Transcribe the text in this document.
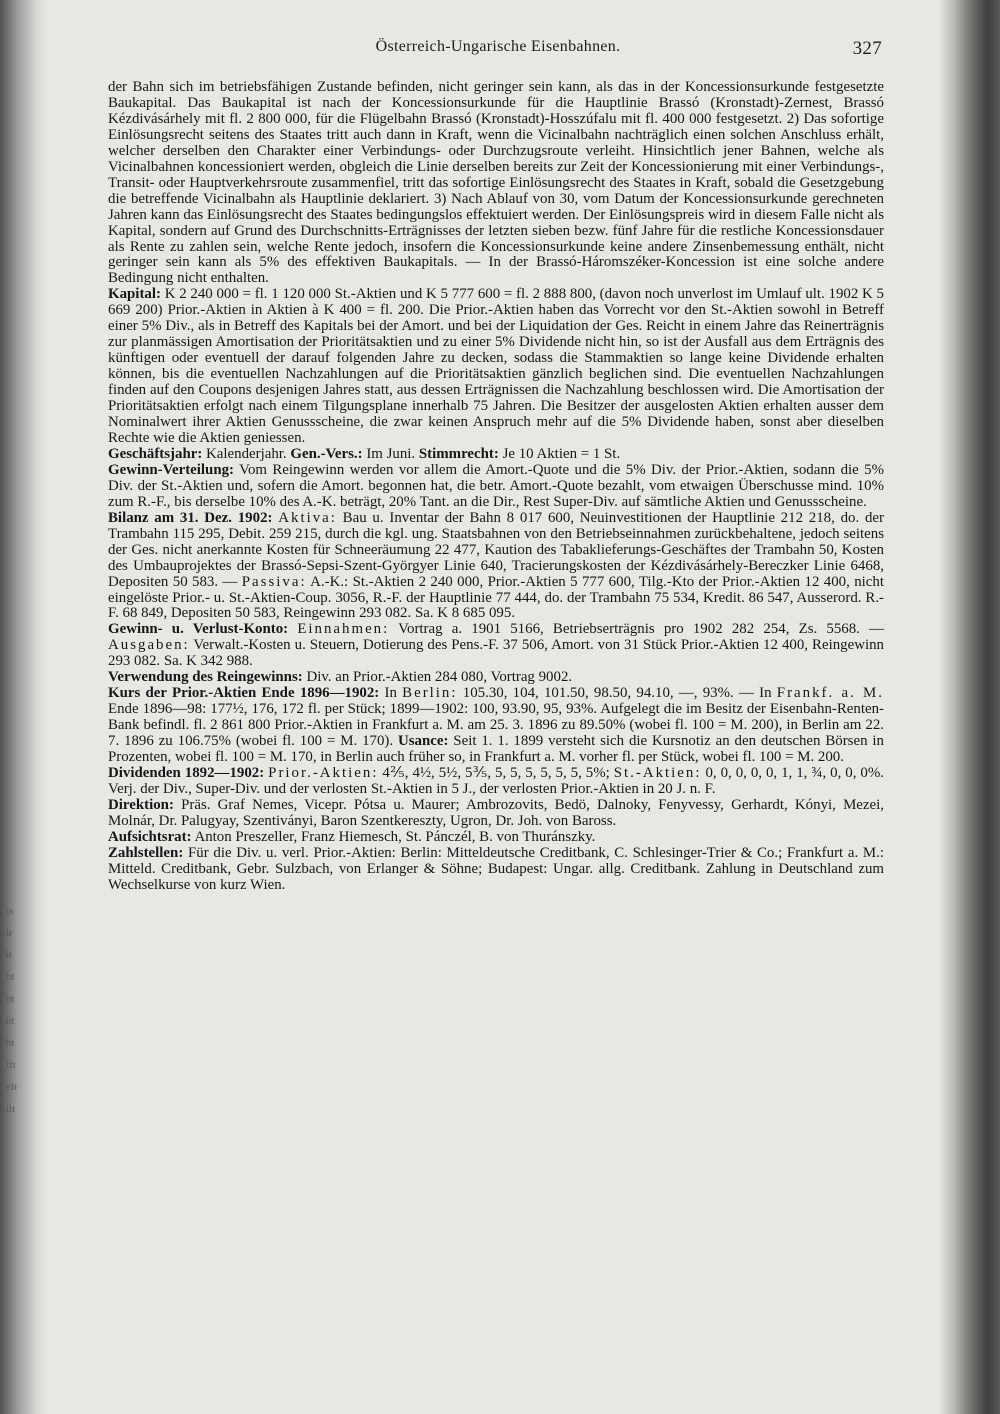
Österreich-Ungarische Eisenbahnen.	327
ts
ir
it
ht
ht
ht
ht
ift
elt
ilt

der Bahn sich im betriebsfähigen Zustande befinden, nicht geringer sein kann, als das in der Koncessionsurkunde festgesetzte Baukapital. Das Baukapital ist nach der Koncessionsurkunde für die Hauptlinie Brassó (Kronstadt)-Zernest, Brassó Kézdivásárhely mit fl. 2 800 000, für die Flügelbahn Brassó (Kronstadt)-Hosszúfalu mit fl. 400 000 festgesetzt. 2) Das sofortige Einlösungsrecht seitens des Staates tritt auch dann in Kraft, wenn die Vicinalbahn nachträglich einen solchen Anschluss erhält, welcher derselben den Charakter einer Verbindungs- oder Durchzugsroute verleiht. Hinsichtlich jener Bahnen, welche als Vicinalbahnen koncessioniert werden, obgleich die Linie derselben bereits zur Zeit der Koncessionierung mit einer Verbindungs-, Transit- oder Hauptverkehrsroute zusammenfiel, tritt das sofortige Einlösungsrecht des Staates in Kraft, sobald die Gesetzgebung die betreffende Vicinalbahn als Hauptlinie deklariert. 3) Nach Ablauf von 30, vom Datum der Koncessionsurkunde gerechneten Jahren kann das Einlösungsrecht des Staates bedingungslos effektuiert werden. Der Einlösungspreis wird in diesem Falle nicht als Kapital, sondern auf Grund des Durchschnitts-Erträgnisses der letzten sieben bezw. fünf Jahre für die restliche Koncessionsdauer als Rente zu zahlen sein, welche Rente jedoch, insofern die Koncessionsurkunde keine andere Zinsenbemessung enthält, nicht geringer sein kann als 5% des effektiven Baukapitals. — In der Brassó-Háromszéker-Koncession ist eine solche andere Bedingung nicht enthalten.

Kapital: K 2 240 000 = fl. 1 120 000 St.-Aktien und K 5 777 600 = fl. 2 888 800, (davon noch unverlost im Umlauf ult. 1902 K 5 669 200) Prior.-Aktien in Aktien à K 400 = fl. 200. Die Prior.-Aktien haben das Vorrecht vor den St.-Aktien sowohl in Betreff einer 5% Div., als in Betreff des Kapitals bei der Amort. und bei der Liquidation der Ges. Reicht in einem Jahre das Reinerträgnis zur planmässigen Amortisation der Prioritätsaktien und zu einer 5% Dividende nicht hin, so ist der Ausfall aus dem Erträgnis des künftigen oder eventuell der darauf folgenden Jahre zu decken, sodass die Stammaktien so lange keine Dividende erhalten können, bis die eventuellen Nachzahlungen auf die Prioritätsaktien gänzlich beglichen sind. Die eventuellen Nachzahlungen finden auf den Coupons desjenigen Jahres statt, aus dessen Erträgnissen die Nachzahlung beschlossen wird. Die Amortisation der Prioritätsaktien erfolgt nach einem Tilgungsplane innerhalb 75 Jahren. Die Besitzer der ausgelosten Aktien erhalten ausser dem Nominalwert ihrer Aktien Genussscheine, die zwar keinen Anspruch mehr auf die 5% Dividende haben, sonst aber dieselben Rechte wie die Aktien geniessen.

Geschäftsjahr: Kalenderjahr. Gen.-Vers.: Im Juni. Stimmrecht: Je 10 Aktien = 1 St.

Gewinn-Verteilung: Vom Reingewinn werden vor allem die Amort.-Quote und die 5% Div. der Prior.-Aktien, sodann die 5% Div. der St.-Aktien und, sofern die Amort. begonnen hat, die betr. Amort.-Quote bezahlt, vom etwaigen Überschusse mind. 10% zum R.-F., bis derselbe 10% des A.-K. beträgt, 20% Tant. an die Dir., Rest Super-Div. auf sämtliche Aktien und Genussscheine.

Bilanz am 31. Dez. 1902: Aktiva: Bau u. Inventar der Bahn 8 017 600, Neuinvestitionen der Hauptlinie 212 218, do. der Trambahn 115 295, Debit. 259 215, durch die kgl. ung. Staatsbahnen von den Betriebseinnahmen zurückbehaltene, jedoch seitens der Ges. nicht anerkannte Kosten für Schneeräumung 22 477, Kaution des Tabaklieferungs-Geschäftes der Trambahn 50, Kosten des Umbauprojektes der Brassó-Sepsi-Szent-Györgyer Linie 640, Tracierungskosten der Kézdivásárhely-Bereczker Linie 6468, Depositen 50 583. — Passiva: A.-K.: St.-Aktien 2 240 000, Prior.-Aktien 5 777 600, Tilg.-Kto der Prior.-Aktien 12 400, nicht eingelöste Prior.- u. St.-Aktien-Coup. 3056, R.-F. der Hauptlinie 77 444, do. der Trambahn 75 534, Kredit. 86 547, Ausserord. R.-F. 68 849, Depositen 50 583, Reingewinn 293 082. Sa. K 8 685 095.

Gewinn- u. Verlust-Konto: Einnahmen: Vortrag a. 1901 5166, Betriebserträgnis pro 1902 282 254, Zs. 5568. — Ausgaben: Verwalt.-Kosten u. Steuern, Dotierung des Pens.-F. 37 506, Amort. von 31 Stück Prior.-Aktien 12 400, Reingewinn 293 082. Sa. K 342 988.

Verwendung des Reingewinns: Div. an Prior.-Aktien 284 080, Vortrag 9002.

Kurs der Prior.-Aktien Ende 1896—1902: In Berlin: 105.30, 104, 101.50, 98.50, 94.10, —, 93%. — In Frankf. a. M. Ende 1896—98: 177½, 176, 172 fl. per Stück; 1899—1902: 100, 93.90, 95, 93%. Aufgelegt die im Besitz der Eisenbahn-Renten-Bank befindl. fl. 2 861 800 Prior.-Aktien in Frankfurt a. M. am 25. 3. 1896 zu 89.50% (wobei fl. 100 = M. 200), in Berlin am 22. 7. 1896 zu 106.75% (wobei fl. 100 = M. 170). Usance: Seit 1. 1. 1899 versteht sich die Kursnotiz an den deutschen Börsen in Prozenten, wobei fl. 100 = M. 170, in Berlin auch früher so, in Frankfurt a. M. vorher fl. per Stück, wobei fl. 100 = M. 200.

Dividenden 1892—1902: Prior.-Aktien: 4⅖, 4½, 5½, 5⅗, 5, 5, 5, 5, 5, 5, 5%; St.-Aktien: 0, 0, 0, 0, 0, 1, 1, ¾, 0, 0, 0%. Verj. der Div., Super-Div. und der verlosten St.-Aktien in 5 J., der verlosten Prior.-Aktien in 20 J. n. F.

Direktion: Präs. Graf Nemes, Vicepr. Pótsa u. Maurer; Ambrozovits, Bedö, Dalnoky, Fenyvessy, Gerhardt, Kónyi, Mezei, Molnár, Dr. Palugyay, Szentiványi, Baron Szentkereszty, Ugron, Dr. Joh. von Baross.

Aufsichtsrat: Anton Preszeller, Franz Hiemesch, St. Pánczél, B. von Thuránszky.

Zahlstellen: Für die Div. u. verl. Prior.-Aktien: Berlin: Mitteldeutsche Creditbank, C. Schlesinger-Trier & Co.; Frankfurt a. M.: Mitteld. Creditbank, Gebr. Sulzbach, von Erlanger & Söhne; Budapest: Ungar. allg. Creditbank. Zahlung in Deutschland zum Wechselkurse von kurz Wien.
